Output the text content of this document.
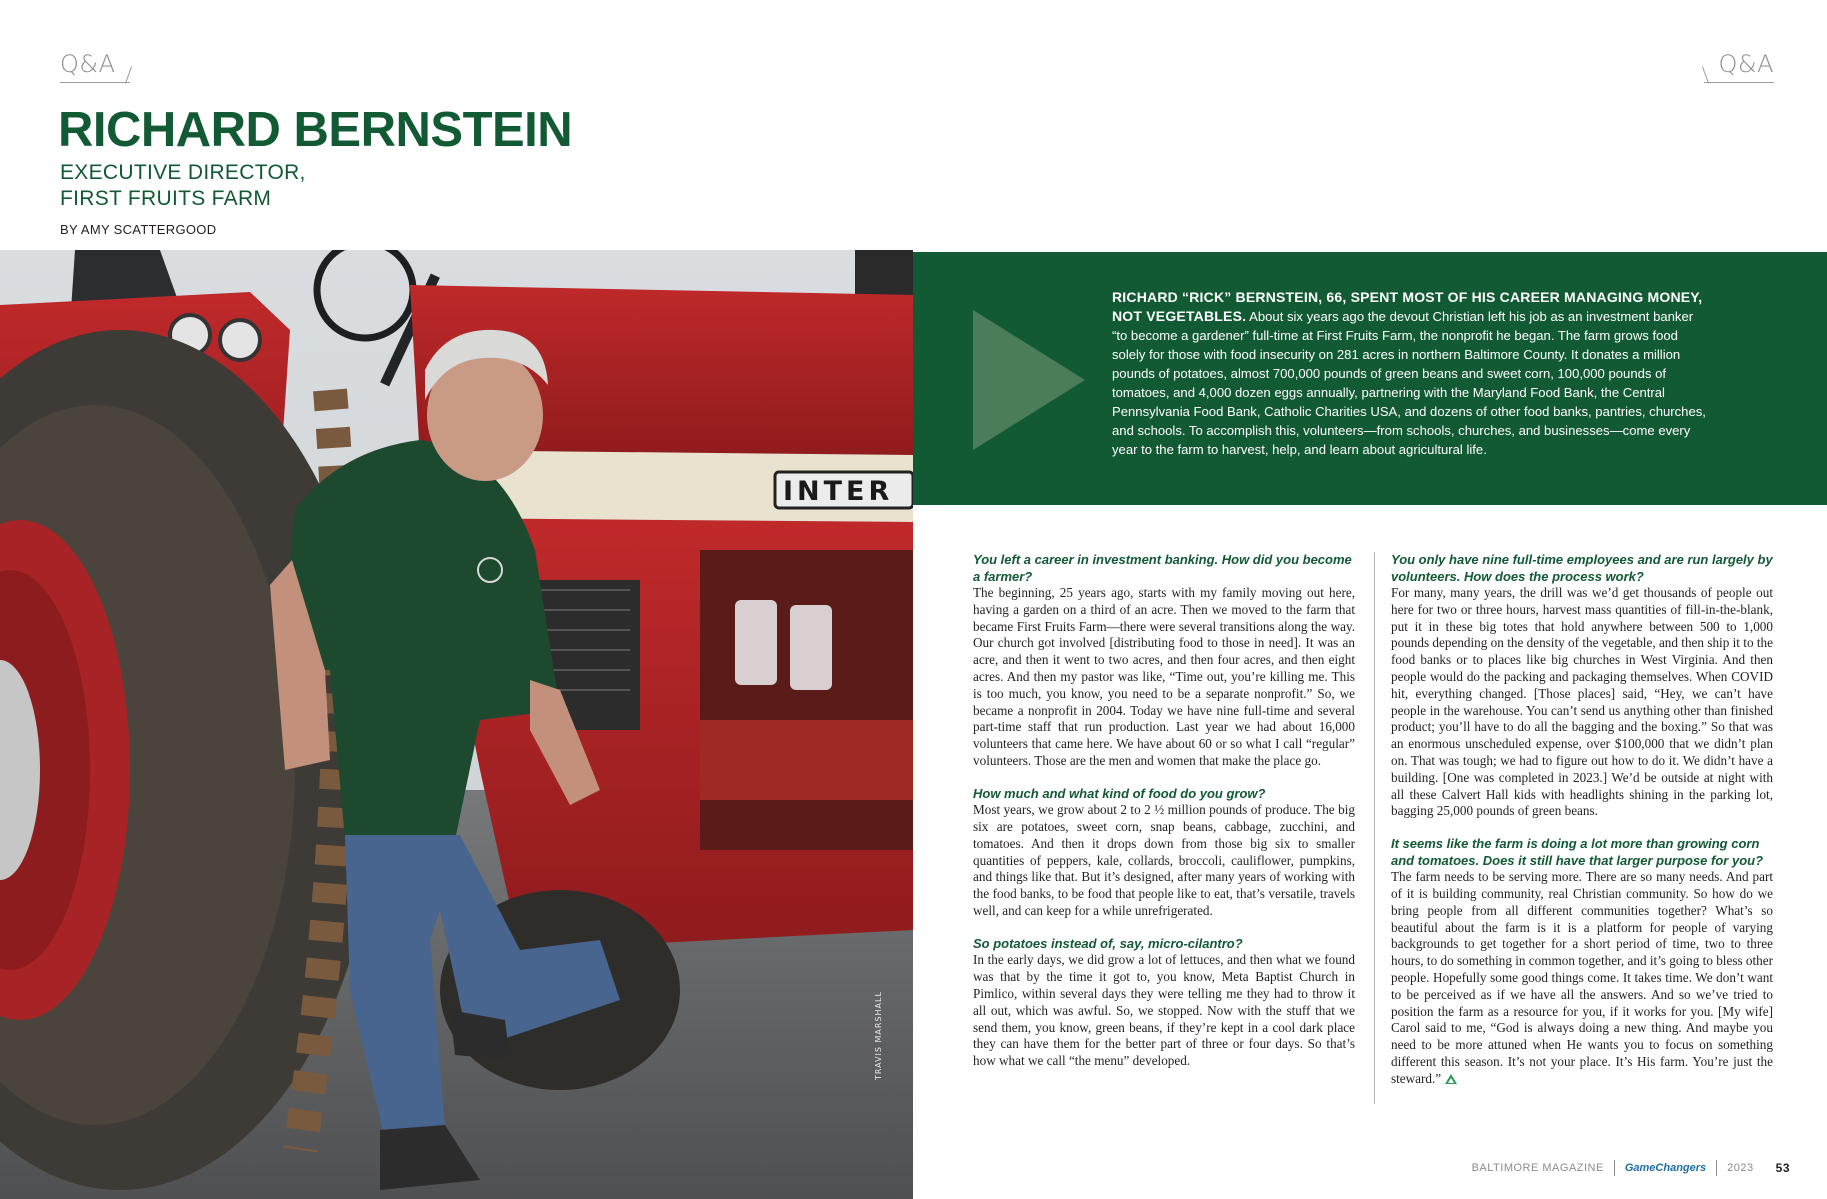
Q&A	Q&A
RICHARD BERNSTEIN
EXECUTIVE DIRECTOR,
FIRST FRUITS FARM
BY AMY SCATTERGOOD
INTER
TRAVIS MARSHALL

RICHARD “RICK” BERNSTEIN, 66, SPENT MOST OF HIS CAREER MANAGING MONEY, NOT VEGETABLES. About six years ago the devout Christian left his job as an investment banker “to become a gardener” full-time at First Fruits Farm, the nonprofit he began. The farm grows food solely for those with food insecurity on 281 acres in northern Baltimore County. It donates a million pounds of potatoes, almost 700,000 pounds of green beans and sweet corn, 100,000 pounds of tomatoes, and 4,000 dozen eggs annually, partnering with the Maryland Food Bank, the Central Pennsylvania Food Bank, Catholic Charities USA, and dozens of other food banks, pantries, churches, and schools. To accomplish this, volunteers—from schools, churches, and businesses—come every year to the farm to harvest, help, and learn about agricultural life.

You left a career in investment banking. How did you become a farmer?

The beginning, 25 years ago, starts with my family moving out here, having a garden on a third of an acre. Then we moved to the farm that became First Fruits Farm—there were several transitions along the way. Our church got involved [distributing food to those in need]. It was an acre, and then it went to two acres, and then four acres, and then eight acres. And then my pastor was like, “Time out, you’re killing me. This is too much, you know, you need to be a separate nonprofit.” So, we became a nonprofit in 2004. Today we have nine full-time and several part-time staff that run production. Last year we had about 16,000 volunteers that came here. We have about 60 or so what I call “regular” volunteers. Those are the men and women that make the place go.

How much and what kind of food do you grow?

Most years, we grow about 2 to 2 ½ million pounds of produce. The big six are potatoes, sweet corn, snap beans, cabbage, zucchini, and tomatoes. And then it drops down from those big six to smaller quantities of peppers, kale, collards, broccoli, cauliflower, pumpkins, and things like that. But it’s designed, after many years of working with the food banks, to be food that people like to eat, that’s versatile, travels well, and can keep for a while unrefrigerated.

So potatoes instead of, say, micro-cilantro?

In the early days, we did grow a lot of lettuces, and then what we found was that by the time it got to, you know, Meta Baptist Church in Pimlico, within several days they were telling me they had to throw it all out, which was awful. So, we stopped. Now with the stuff that we send them, you know, green beans, if they’re kept in a cool dark place they can have them for the better part of three or four days. So that’s how what we call “the menu” developed.

You only have nine full-time employees and are run largely by volunteers. How does the process work?

For many, many years, the drill was we’d get thousands of people out here for two or three hours, harvest mass quantities of fill-in-the-blank, put it in these big totes that hold anywhere between 500 to 1,000 pounds depending on the density of the vegetable, and then ship it to the food banks or to places like big churches in West Virginia. And then people would do the packing and packaging themselves. When COVID hit, everything changed. [Those places] said, “Hey, we can’t have people in the warehouse. You can’t send us anything other than finished product; you’ll have to do all the bagging and the boxing.” So that was an enormous unscheduled expense, over $100,000 that we didn’t plan on. That was tough; we had to figure out how to do it. We didn’t have a building. [One was completed in 2023.] We’d be outside at night with all these Calvert Hall kids with headlights shining in the parking lot, bagging 25,000 pounds of green beans.

It seems like the farm is doing a lot more than growing corn and tomatoes. Does it still have that larger purpose for you?

The farm needs to be serving more. There are so many needs. And part of it is building community, real Christian community. So how do we bring people from all different communities together? What’s so beautiful about the farm is it is a platform for people of varying backgrounds to get together for a short period of time, two to three hours, to do something in common together, and it’s going to bless other people. Hopefully some good things come. It takes time. We don’t want to be perceived as if we have all the answers. And so we’ve tried to position the farm as a resource for you, if it works for you. [My wife] Carol said to me, “God is always doing a new thing. And maybe you need to be more attuned when He wants you to focus on something different this season. It’s not your place. It’s His farm. You’re just the steward.”

BALTIMORE MAGAZINE GameChangers 2023 53
